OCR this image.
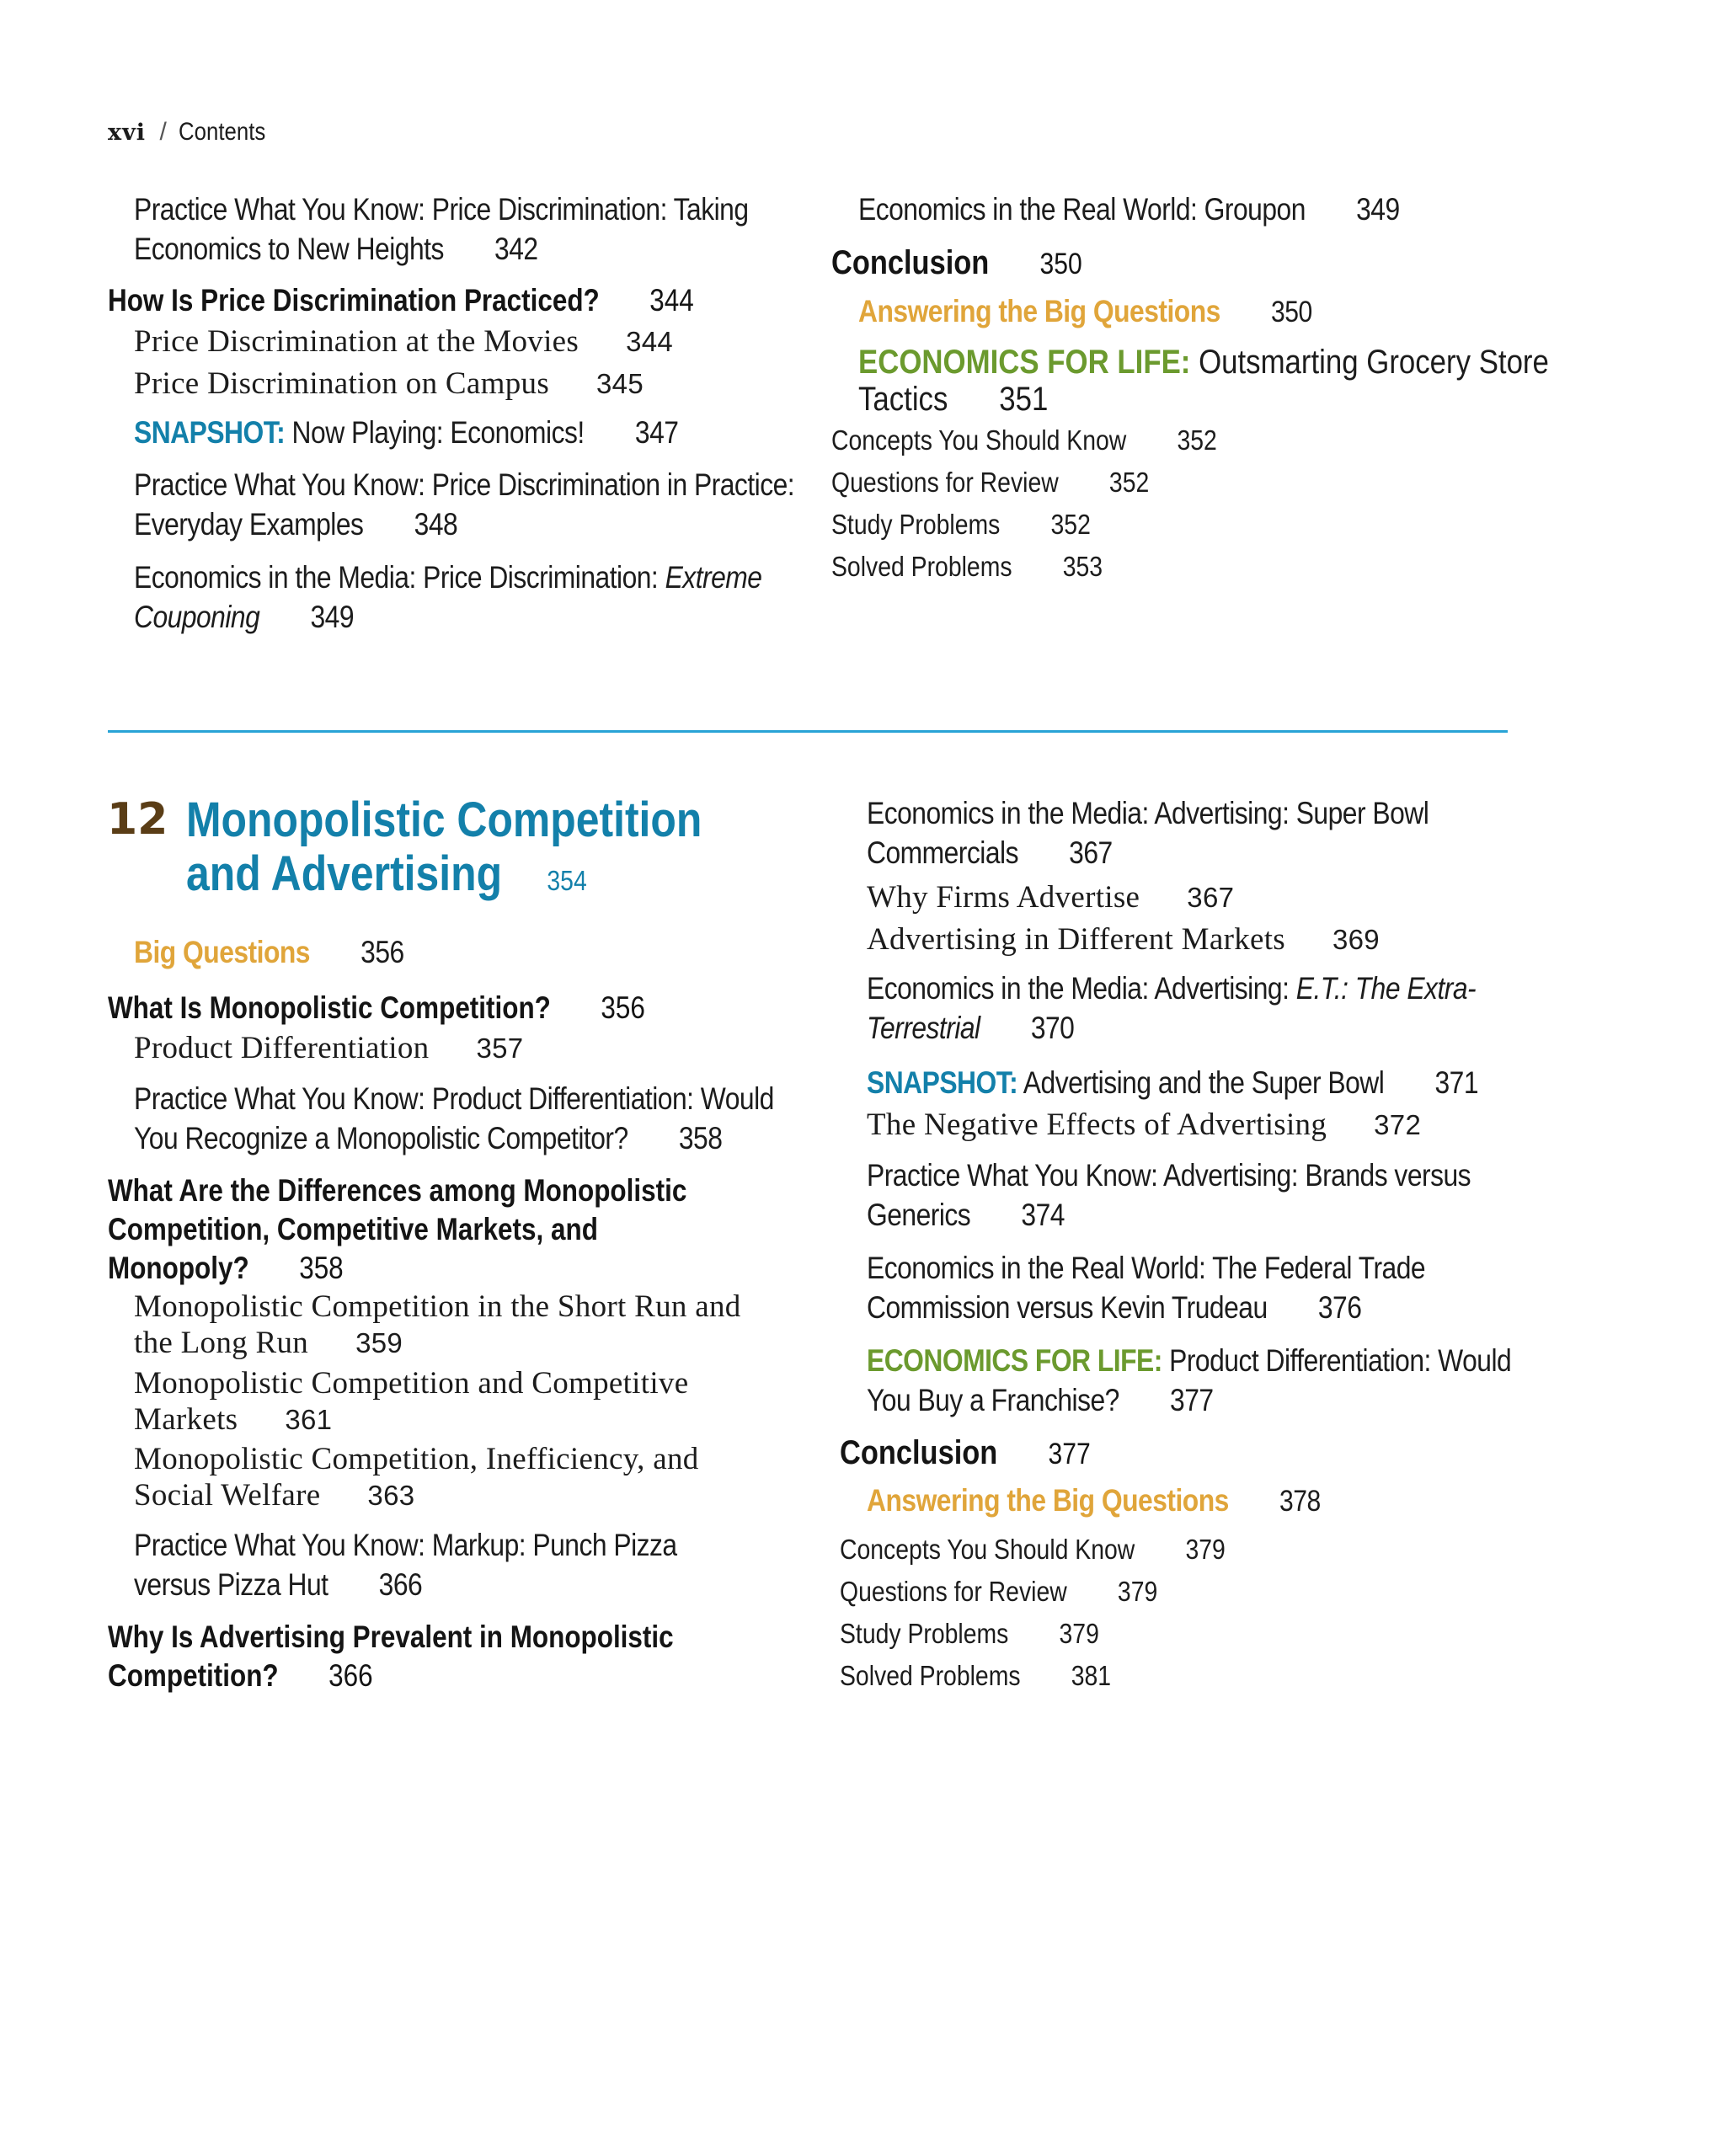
xvi / Contents
Practice What You Know: Price Discrimination: Taking
Economics to New Heights 342
How Is Price Discrimination Practiced? 344
Price Discrimination at the Movies 344
Price Discrimination on Campus 345
SNAPSHOT: Now Playing: Economics! 347
Practice What You Know: Price Discrimination in Practice:
Everyday Examples 348
Economics in the Media: Price Discrimination: Extreme
Couponing 349
Economics in the Real World: Groupon 349
Conclusion 350
Answering the Big Questions 350
ECONOMICS FOR LIFE: Outsmarting Grocery Store
Tactics 351
Concepts You Should Know 352
Questions for Review 352
Study Problems 352
Solved Problems 353
12 Monopolistic Competition
and Advertising 354
Big Questions 356
What Is Monopolistic Competition? 356
Product Differentiation 357
Practice What You Know: Product Differentiation: Would
You Recognize a Monopolistic Competitor? 358
What Are the Differences among Monopolistic
Competition, Competitive Markets, and
Monopoly? 358
Monopolistic Competition in the Short Run and
the Long Run 359
Monopolistic Competition and Competitive
Markets 361
Monopolistic Competition, Inefficiency, and
Social Welfare 363
Practice What You Know: Markup: Punch Pizza
versus Pizza Hut 366
Why Is Advertising Prevalent in Monopolistic
Competition? 366
Economics in the Media: Advertising: Super Bowl
Commercials 367
Why Firms Advertise 367
Advertising in Different Markets 369
Economics in the Media: Advertising: E.T.: The Extra-
Terrestrial 370
SNAPSHOT: Advertising and the Super Bowl 371
The Negative Effects of Advertising 372
Practice What You Know: Advertising: Brands versus
Generics 374
Economics in the Real World: The Federal Trade
Commission versus Kevin Trudeau 376
ECONOMICS FOR LIFE: Product Differentiation: Would
You Buy a Franchise? 377
Conclusion 377
Answering the Big Questions 378
Concepts You Should Know 379
Questions for Review 379
Study Problems 379
Solved Problems 381
